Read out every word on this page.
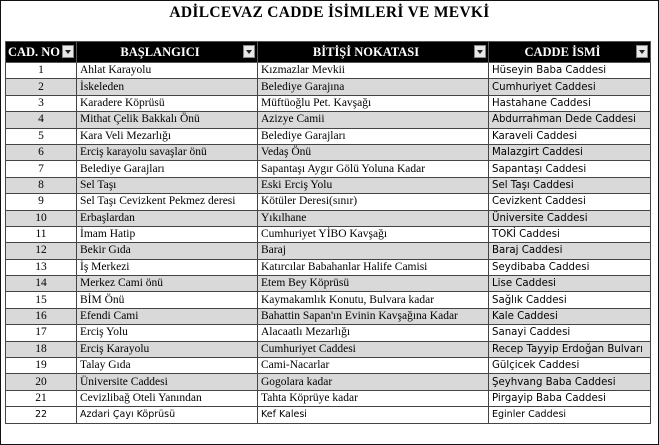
ADİLCEVAZ CADDE İSİMLERİ VE MEVKİ
CAD. NO	BAŞLANGICI	BİTİŞİ NOKATASI	CADDE İSMİ

1	Ahlat Karayolu	Kızmazlar Mevkii	Hüseyin Baba Caddesi
2	İskeleden	Belediye Garajına	Cumhuriyet Caddesi
3	Karadere Köprüsü	Müftüoğlu Pet. Kavşağı	Hastahane Caddesi
4	Mithat Çelik Bakkalı Önü	Azizye Camii	Abdurrahman Dede Caddesi
5	Kara Veli Mezarlığı	Belediye Garajları	Karaveli Caddesi
6	Erciş karayolu savaşlar önü	Vedaş Önü	Malazgirt Caddesi
7	Belediye Garajları	Sapantaşı Aygır Gölü Yoluna Kadar	Sapantaşı Caddesi
8	Sel Taşı	Eski Erciş Yolu	Sel Taşı Caddesi
9	Sel Taşı Cevizkent Pekmez deresi	Kötüler Deresi(sınır)	Cevizkent Caddesi
10	Erbaşlardan	Yıkılhane	Üniversite Caddesi
11	İmam Hatip	Cumhuriyet YİBO Kavşağı	TOKİ Caddesi
12	Bekir Gıda	Baraj	Baraj Caddesi
13	İş Merkezi	Katırcılar Babahanlar Halife Camisi	Seydibaba Caddesi
14	Merkez Cami önü	Etem Bey Köprüsü	Lise Caddesi
15	BİM Önü	Kaymakamlık Konutu, Bulvara kadar	Sağlık Caddesi
16	Efendi Cami	Bahattin Sapan'ın Evinin Kavşağına Kadar	Kale Caddesi
17	Erciş Yolu	Alacaatlı Mezarlığı	Sanayi Caddesi
18	Erciş Karayolu	Cumhuriyet Caddesi	Recep Tayyip Erdoğan Bulvarı
19	Talay Gıda	Cami-Nacarlar	Gülçicek Caddesi
20	Üniversite Caddesi	Gogolara kadar	Şeyhvang Baba Caddesi
21	Cevizlibağ Oteli Yanından	Tahta Köprüye kadar	Pirgayip Baba Caddesi
22	Azdari Çayı Köprüsü	Kef Kalesi	Eginler Caddesi
